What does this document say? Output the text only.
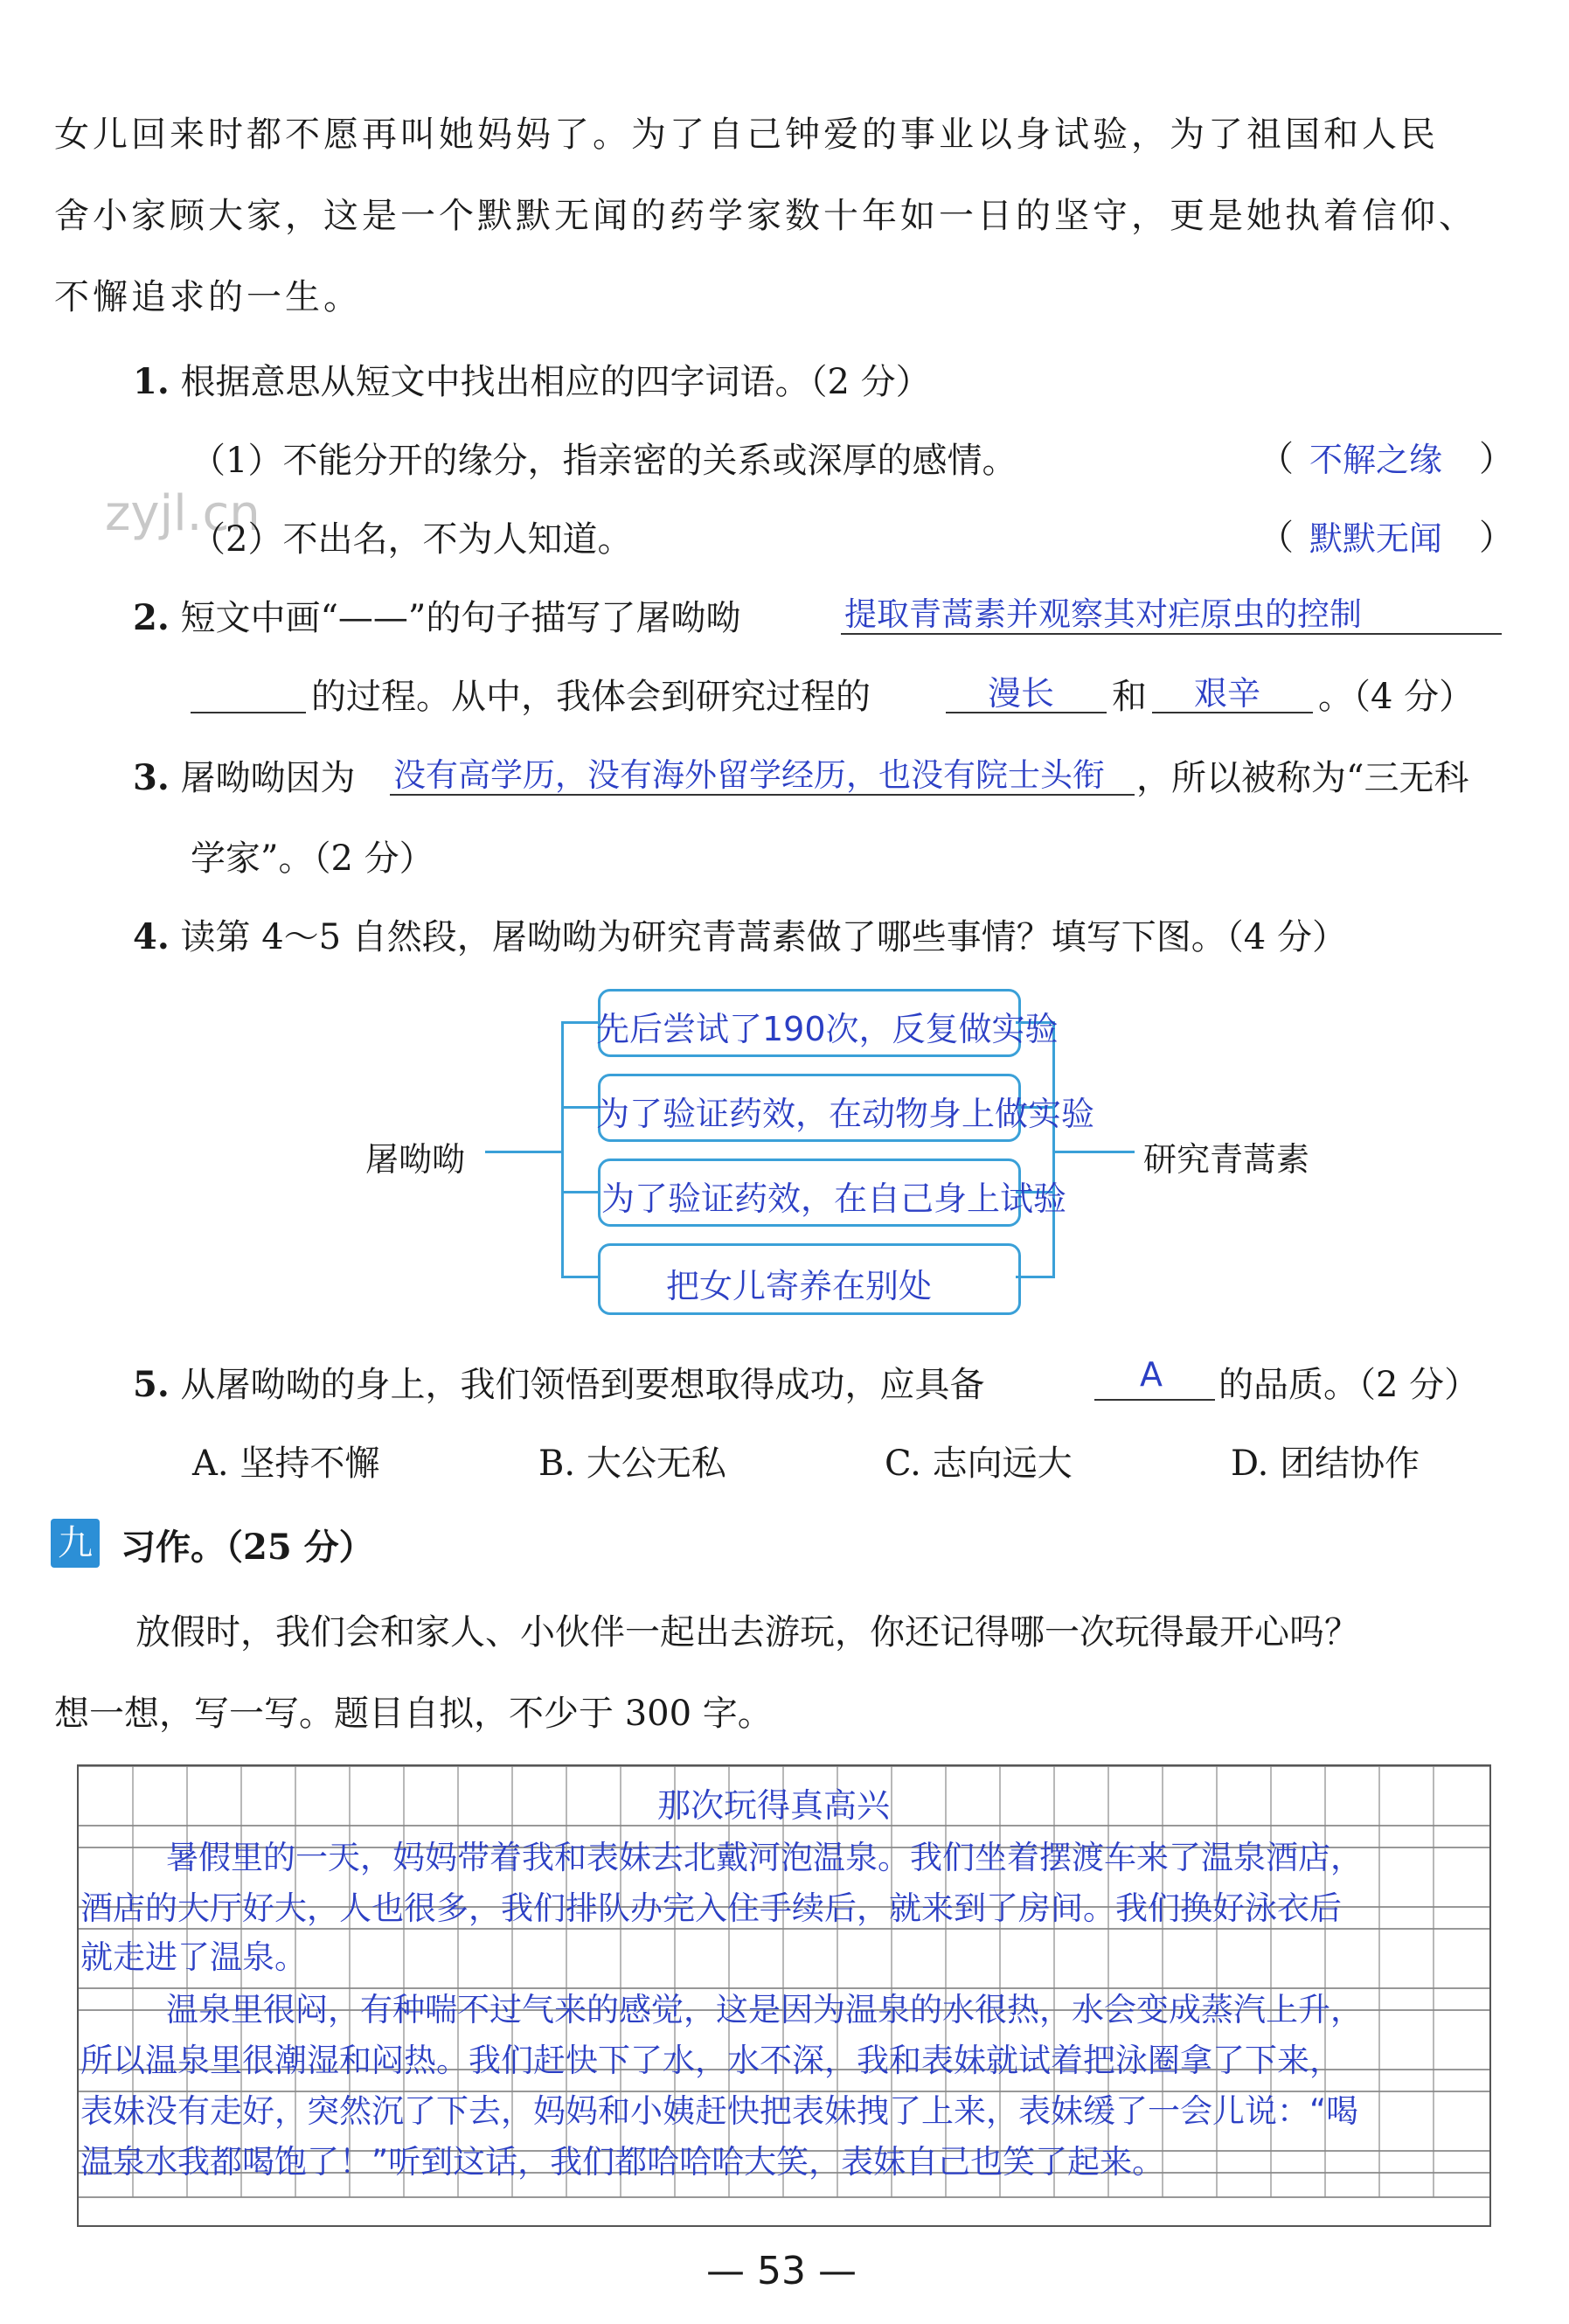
女儿回来时都不愿再叫她妈妈了。为了自己钟爱的事业以身试验，为了祖国和人民
舍小家顾大家，这是一个默默无闻的药学家数十年如一日的坚守，更是她执着信仰、
不懈追求的一生。
1. 根据意思从短文中找出相应的四字词语。（2 分）
（1）不能分开的缘分，指亲密的关系或深厚的感情。	（ 不解之缘 ）
zyjl.cn
（2）不出名，不为人知道。	（ 默默无闻 ）
2. 短文中画“——”的句子描写了屠呦呦	提取青蒿素并观察其对疟原虫的控制
的过程。从中，我体会到研究过程的	漫长 和 艰辛 。（4 分）
3. 屠呦呦因为 没有高学历，没有海外留学经历，也没有院士头衔 ，所以被称为“三无科
学家”。（2 分）
4. 读第 4～5 自然段，屠呦呦为研究青蒿素做了哪些事情？填写下图。（4 分）
屠呦呦	研究青蒿素
先后尝试了190次，反复做实验
为了验证药效，在动物身上做实验
为了验证药效，在自己身上试验
把女儿寄养在别处
5. 从屠呦呦的身上，我们领悟到要想取得成功，应具备	A 的品质。（2 分）
A. 坚持不懈	B. 大公无私	C. 志向远大	D. 团结协作
九 习作。（25 分）
放假时，我们会和家人、小伙伴一起出去游玩，你还记得哪一次玩得最开心吗？
想一想，写一写。题目自拟，不少于 300 字。
那次玩得真高兴
暑假里的一天，妈妈带着我和表妹去北戴河泡温泉。我们坐着摆渡车来了温泉酒店，
酒店的大厅好大，人也很多，我们排队办完入住手续后，就来到了房间。我们换好泳衣后
就走进了温泉。
温泉里很闷，有种喘不过气来的感觉，这是因为温泉的水很热，水会变成蒸汽上升，
所以温泉里很潮湿和闷热。我们赶快下了水，水不深，我和表妹就试着把泳圈拿了下来，
表妹没有走好，突然沉了下去，妈妈和小姨赶快把表妹拽了上来，表妹缓了一会儿说：“喝
温泉水我都喝饱了！”听到这话，我们都哈哈哈大笑，表妹自己也笑了起来。
— 53 —
